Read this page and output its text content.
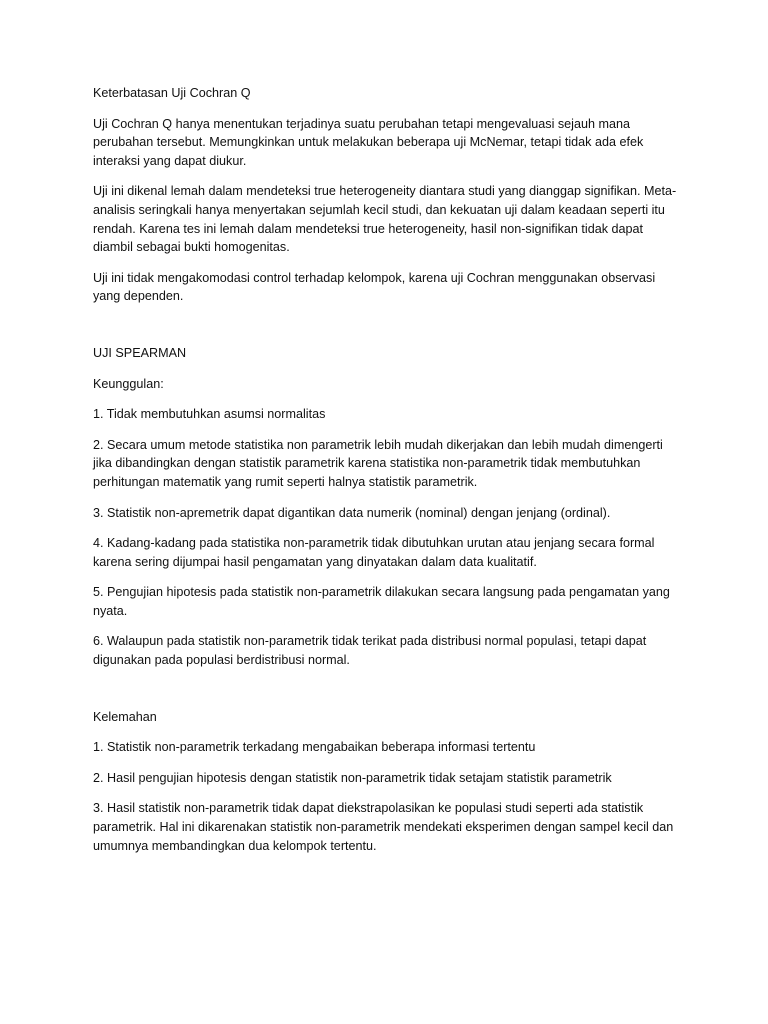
Keterbatasan Uji Cochran Q

Uji Cochran Q hanya menentukan terjadinya suatu perubahan tetapi mengevaluasi sejauh mana perubahan tersebut. Memungkinkan untuk melakukan beberapa uji McNemar, tetapi tidak ada efek interaksi yang dapat diukur.

Uji ini dikenal lemah dalam mendeteksi true heterogeneity diantara studi yang dianggap signifikan. Meta-analisis seringkali hanya menyertakan sejumlah kecil studi, dan kekuatan uji dalam keadaan seperti itu rendah. Karena tes ini lemah dalam mendeteksi true heterogeneity, hasil non-signifikan tidak dapat diambil sebagai bukti homogenitas.

Uji ini tidak mengakomodasi control terhadap kelompok, karena uji Cochran menggunakan observasi yang dependen.

UJI SPEARMAN

Keunggulan:

1. Tidak membutuhkan asumsi normalitas

2. Secara umum metode statistika non parametrik lebih mudah dikerjakan dan lebih mudah dimengerti jika dibandingkan dengan statistik parametrik karena statistika non-parametrik tidak membutuhkan perhitungan matematik yang rumit seperti halnya statistik parametrik.

3. Statistik non-apremetrik dapat digantikan data numerik (nominal) dengan jenjang (ordinal).

4. Kadang-kadang pada statistika non-parametrik tidak dibutuhkan urutan atau jenjang secara formal karena sering dijumpai hasil pengamatan yang dinyatakan dalam data kualitatif.

5. Pengujian hipotesis pada statistik non-parametrik dilakukan secara langsung pada pengamatan yang nyata.

6. Walaupun pada statistik non-parametrik tidak terikat pada distribusi normal populasi, tetapi dapat digunakan pada populasi berdistribusi normal.

Kelemahan

1. Statistik non-parametrik terkadang mengabaikan beberapa informasi tertentu

2. Hasil pengujian hipotesis dengan statistik non-parametrik tidak setajam statistik parametrik

3. Hasil statistik non-parametrik tidak dapat diekstrapolasikan ke populasi studi seperti ada statistik parametrik. Hal ini dikarenakan statistik non-parametrik mendekati eksperimen dengan sampel kecil dan umumnya membandingkan dua kelompok tertentu.
